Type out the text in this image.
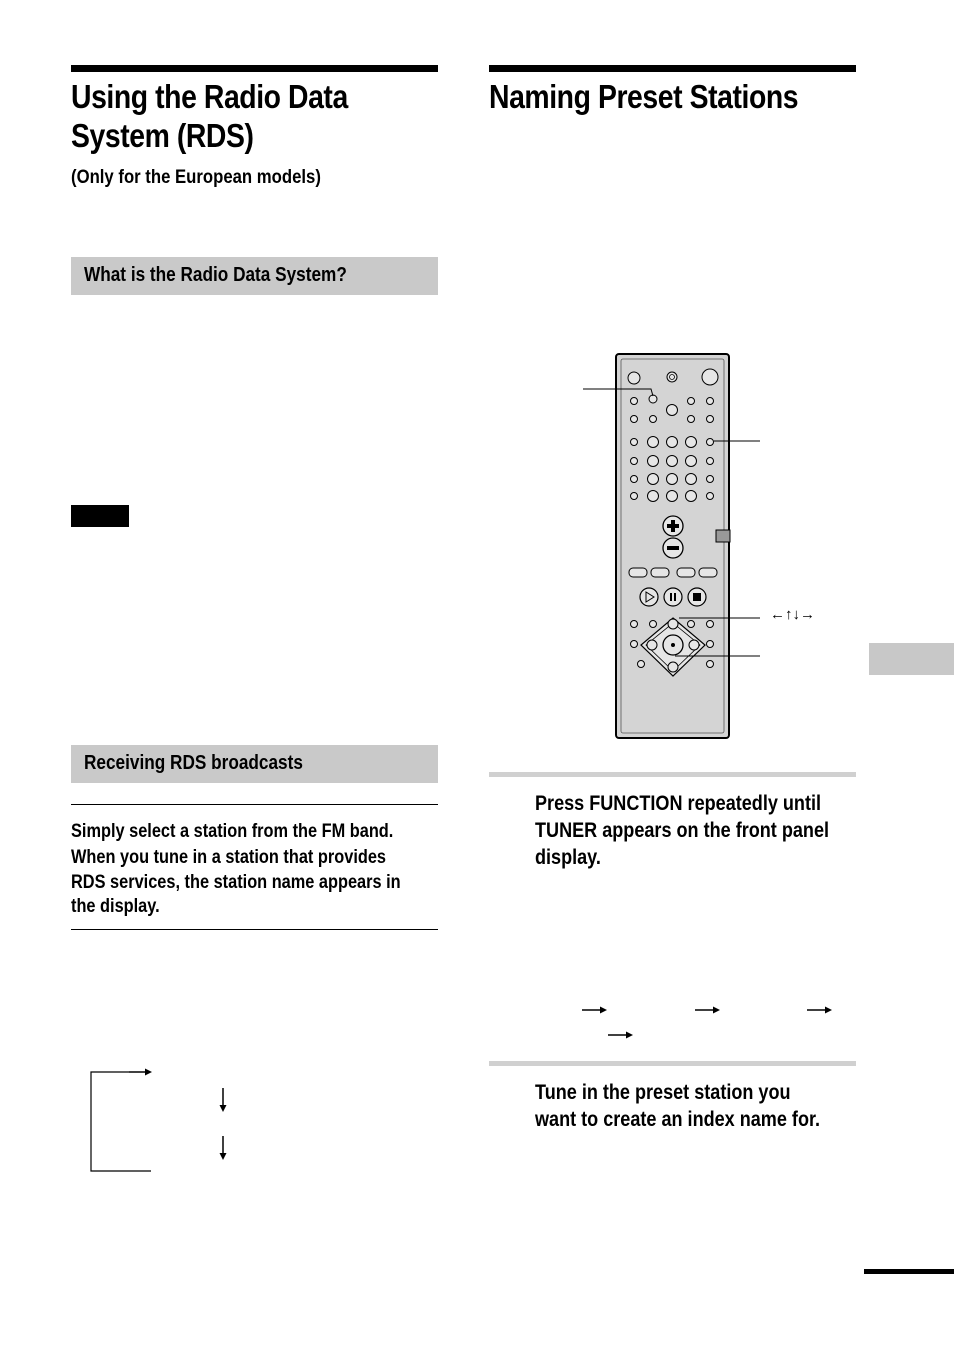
Using the Radio Data
System (RDS)
(Only for the European models)
What is the Radio Data System?
Receiving RDS broadcasts
Simply select a station from the FM band.
When you tune in a station that provides
RDS services, the station name appears in
the display.
Naming Preset Stations
←↑↓→
Press FUNCTION repeatedly until
TUNER appears on the front panel
display.
Tune in the preset station you
want to create an index name for.
